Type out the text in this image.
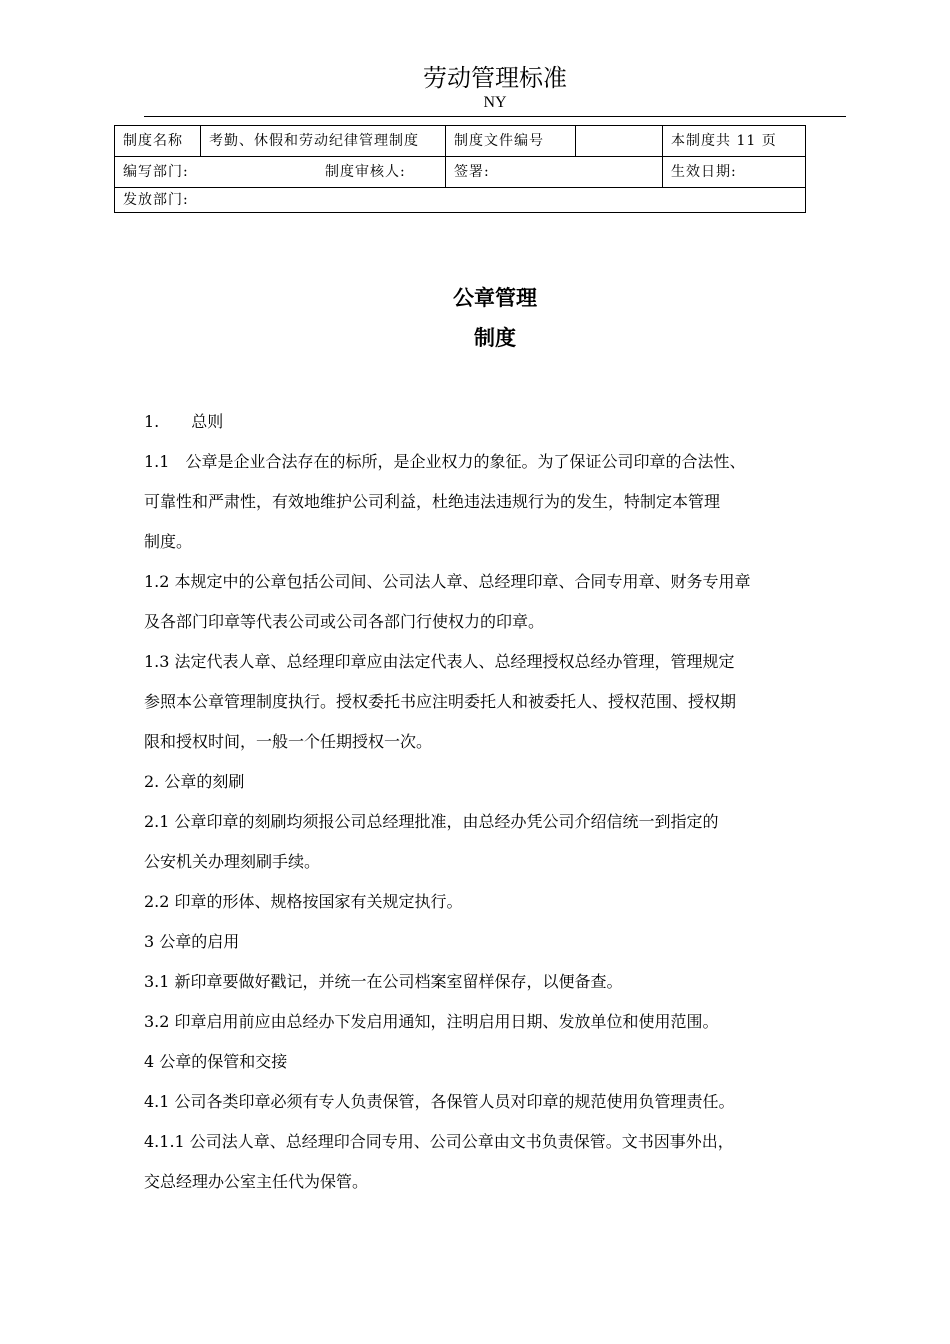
劳动管理标准
NY
制度名称	考勤、休假和劳动纪律管理制度	制度文件编号		本制度共 11 页
编写部门: 制度审核人:		签署:		生效日期:
发放部门:				
公章管理
制度

1.　　总则

1.1　公章是企业合法存在的标所，是企业权力的象征。为了保证公司印章的合法性、

可靠性和严肃性，有效地维护公司利益，杜绝违法违规行为的发生，特制定本管理

制度。

1.2 本规定中的公章包括公司间、公司法人章、总经理印章、合同专用章、财务专用章

及各部门印章等代表公司或公司各部门行使权力的印章。

1.3 法定代表人章、总经理印章应由法定代表人、总经理授权总经办管理，管理规定

参照本公章管理制度执行。授权委托书应注明委托人和被委托人、授权范围、授权期

限和授权时间，一般一个任期授权一次。

2. 公章的刻刷

2.1 公章印章的刻刷均须报公司总经理批准，由总经办凭公司介绍信统一到指定的

公安机关办理刻刷手续。

2.2 印章的形体、规格按国家有关规定执行。

3 公章的启用

3.1 新印章要做好戳记，并统一在公司档案室留样保存，以便备查。

3.2 印章启用前应由总经办下发启用通知，注明启用日期、发放单位和使用范围。

4 公章的保管和交接

4.1 公司各类印章必须有专人负责保管，各保管人员对印章的规范使用负管理责任。

4.1.1 公司法人章、总经理印合同专用、公司公章由文书负责保管。文书因事外出，

交总经理办公室主任代为保管。
